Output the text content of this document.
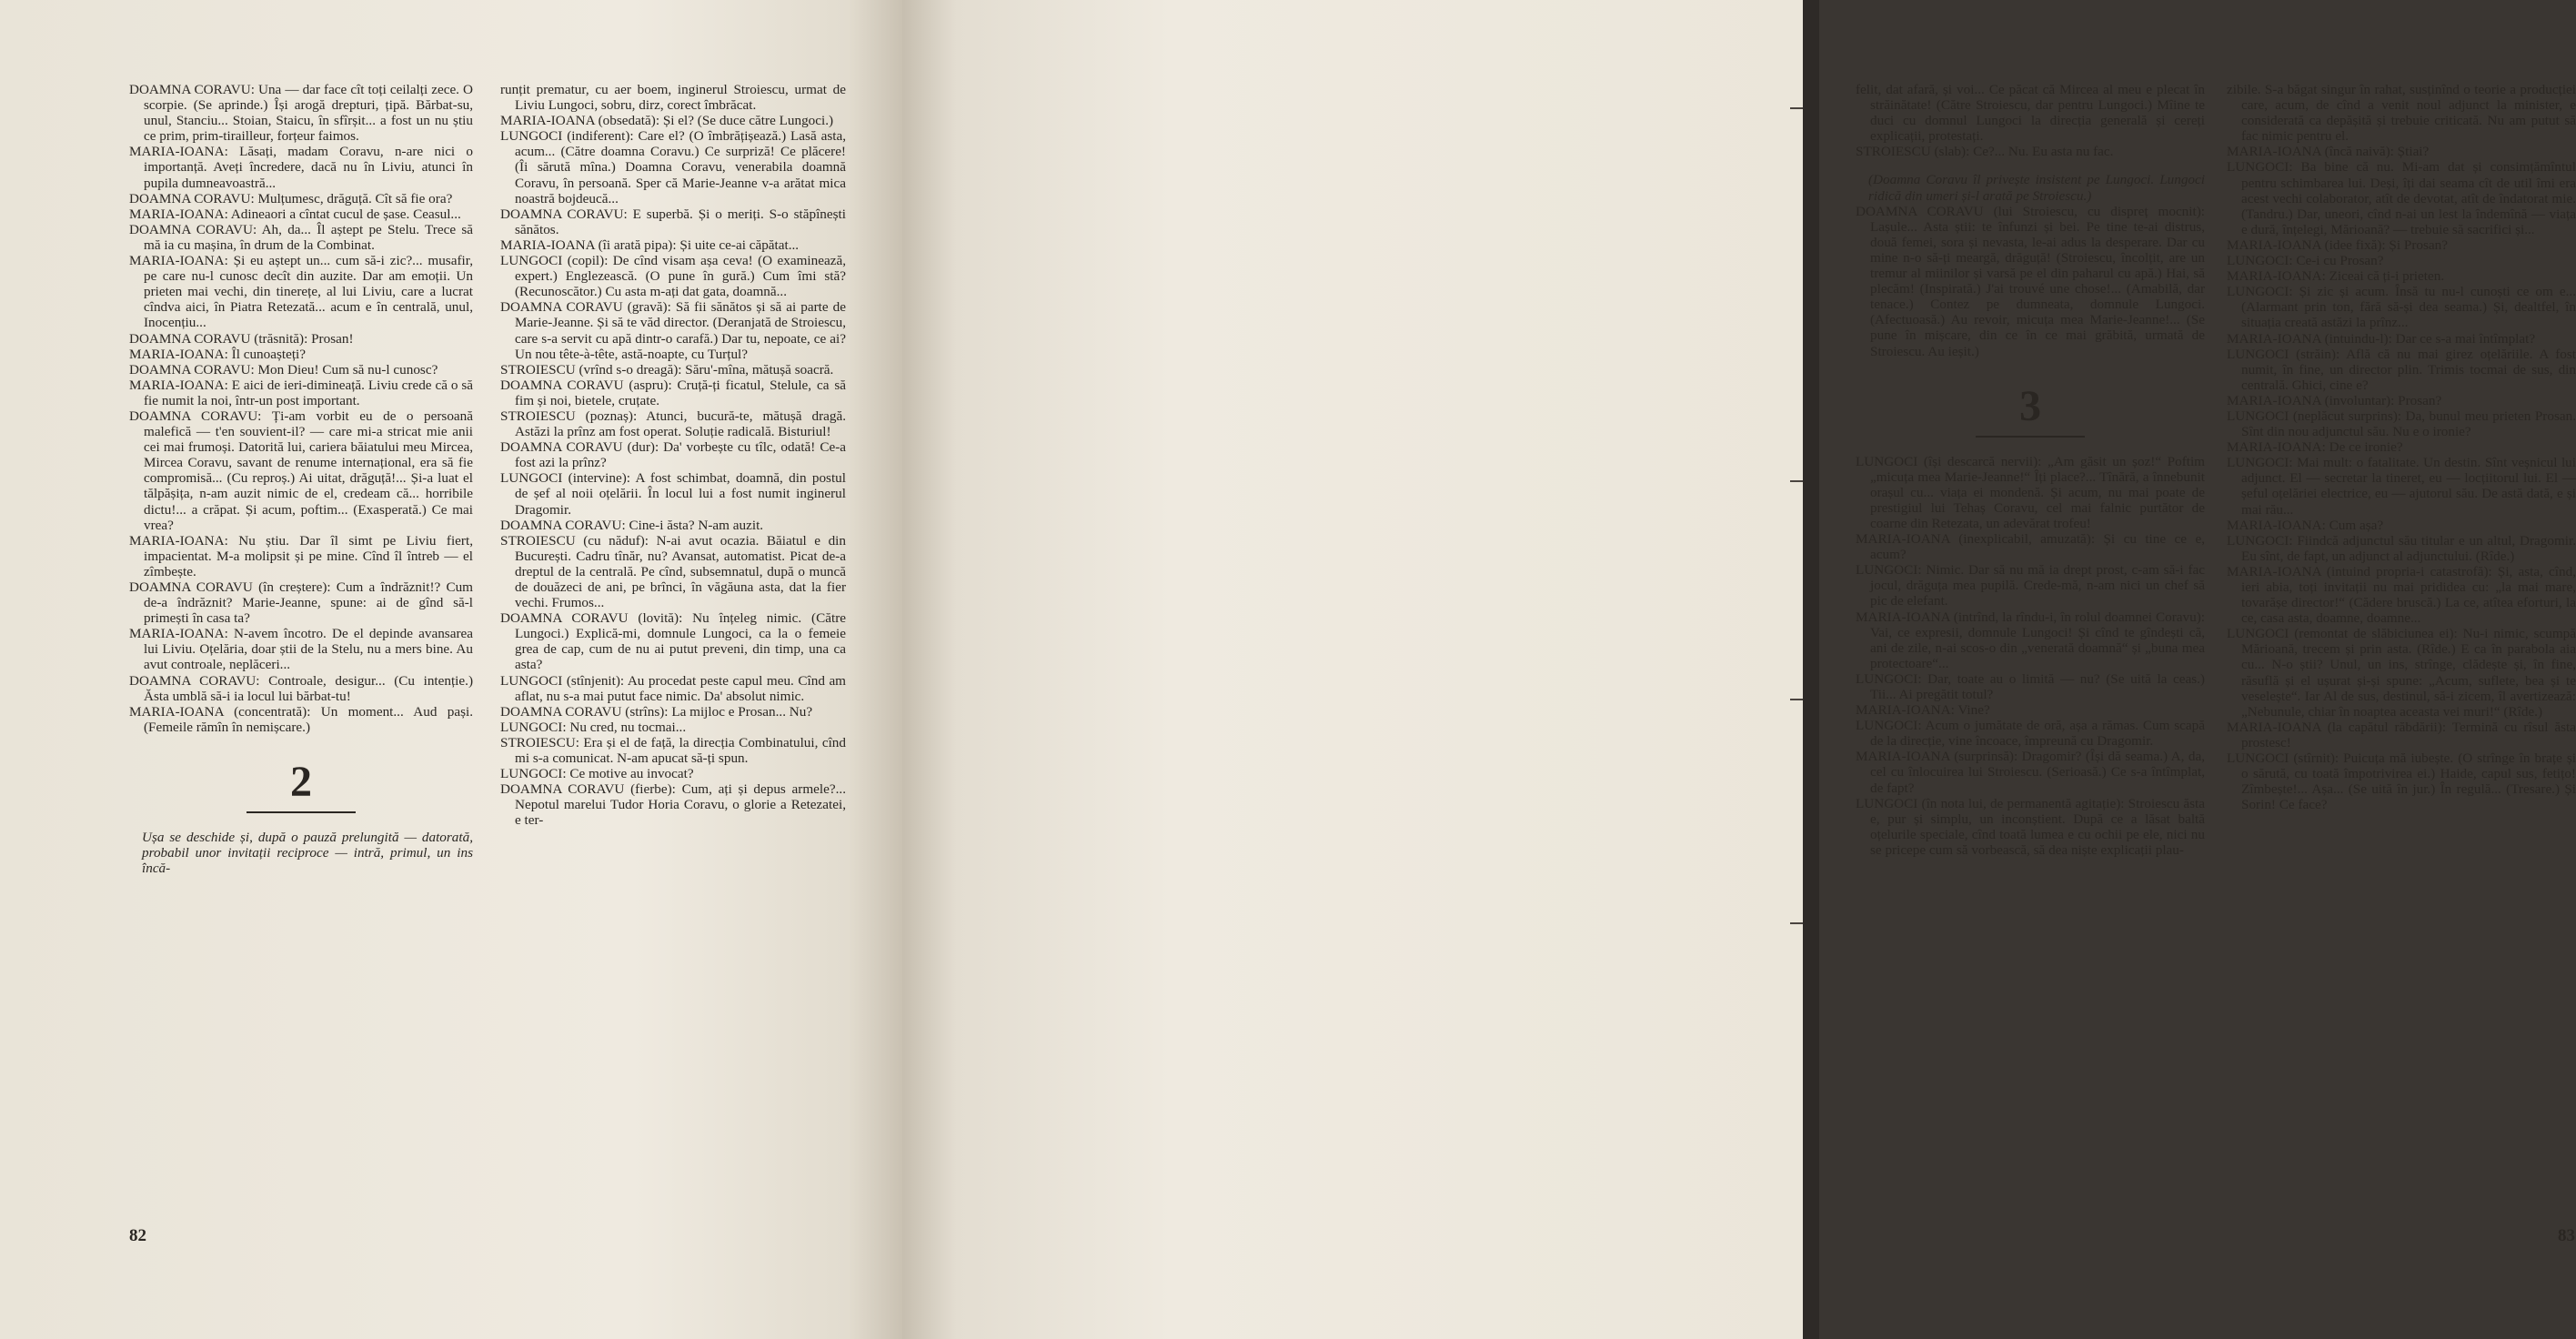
DOAMNA CORAVU: Una — dar face cît toți ceilalți zece. O scorpie. (Se aprinde.) Își arogă drepturi, țipă. Bărbat-su, unul, Stanciu... Stoian, Staicu, în sfîrșit... a fost un nu știu ce prim, prim-tirailleur, forțeur faimos.

MARIA-IOANA: Lăsați, madam Coravu, n-are nici o importanță. Aveți încredere, dacă nu în Liviu, atunci în pupila dumneavoastră...

DOAMNA CORAVU: Mulțumesc, drăguță. Cît să fie ora?

MARIA-IOANA: Adineaori a cîntat cucul de șase. Ceasul...

DOAMNA CORAVU: Ah, da... Îl aștept pe Stelu. Trece să mă ia cu mașina, în drum de la Combinat.

MARIA-IOANA: Și eu aștept un... cum să-i zic?... musafir, pe care nu-l cunosc decît din auzite. Dar am emoții. Un prieten mai vechi, din tinerețe, al lui Liviu, care a lucrat cîndva aici, în Piatra Retezată... acum e în centrală, unul, Inocențiu...

DOAMNA CORAVU (trăsnită): Prosan!

MARIA-IOANA: Îl cunoașteți?

DOAMNA CORAVU: Mon Dieu! Cum să nu-l cunosc?

MARIA-IOANA: E aici de ieri-dimineață. Liviu crede că o să fie numit la noi, într-un post important.

DOAMNA CORAVU: Ți-am vorbit eu de o persoană malefică — t'en souvient-il? — care mi-a stricat mie anii cei mai frumoși. Datorită lui, cariera băiatului meu Mircea, Mircea Coravu, savant de renume internațional, era să fie compromisă... (Cu reproș.) Ai uitat, drăguță!... Și-a luat el tălpășița, n-am auzit nimic de el, credeam că... horribile dictu!... a crăpat. Și acum, poftim... (Exasperată.) Ce mai vrea?

MARIA-IOANA: Nu știu. Dar îl simt pe Liviu fiert, impacientat. M-a molipsit și pe mine. Cînd îl întreb — el zîmbește.

DOAMNA CORAVU (în creștere): Cum a îndrăznit!? Cum de-a îndrăznit? Marie-Jeanne, spune: ai de gînd să-l primești în casa ta?

MARIA-IOANA: N-avem încotro. De el depinde avansarea lui Liviu. Oțelăria, doar știi de la Stelu, nu a mers bine. Au avut controale, neplăceri...

DOAMNA CORAVU: Controale, desigur... (Cu intenție.) Ăsta umblă să-i ia locul lui bărbat-tu!

MARIA-IOANA (concentrată): Un moment... Aud pași. (Femeile rămîn în nemișcare.)

2

Ușa se deschide și, după o pauză prelungită — datorată, probabil unor invitații reciproce — intră, primul, un ins încă-

runțit prematur, cu aer boem, inginerul Stroiescu, urmat de Liviu Lungoci, sobru, dirz, corect îmbrăcat.

MARIA-IOANA (obsedată): Și el? (Se duce către Lungoci.)

LUNGOCI (indiferent): Care el? (O îmbrățișează.) Lasă asta, acum... (Către doamna Coravu.) Ce surpriză! Ce plăcere! (Îi sărută mîna.) Doamna Coravu, venerabila doamnă Coravu, în persoană. Sper că Marie-Jeanne v-a arătat mica noastră bojdeucă...

DOAMNA CORAVU: E superbă. Și o meriți. S-o stăpînești sănătos.

MARIA-IOANA (îi arată pipa): Și uite ce-ai căpătat...

LUNGOCI (copil): De cînd visam așa ceva! (O examinează, expert.) Englezească. (O pune în gură.) Cum îmi stă? (Recunoscător.) Cu asta m-ați dat gata, doamnă...

DOAMNA CORAVU (gravă): Să fii sănătos și să ai parte de Marie-Jeanne. Și să te văd director. (Deranjată de Stroiescu, care s-a servit cu apă dintr-o carafă.) Dar tu, nepoate, ce ai? Un nou tête-à-tête, astă-noapte, cu Turțul?

STROIESCU (vrînd s-o dreagă): Săru'-mîna, mătușă soacră.

DOAMNA CORAVU (aspru): Cruță-ți ficatul, Stelule, ca să fim și noi, bietele, cruțate.

STROIESCU (poznaș): Atunci, bucură-te, mătușă dragă. Astăzi la prînz am fost operat. Soluție radicală. Bisturiul!

DOAMNA CORAVU (dur): Da' vorbește cu tîlc, odată! Ce-a fost azi la prînz?

LUNGOCI (intervine): A fost schimbat, doamnă, din postul de șef al noii oțelării. În locul lui a fost numit inginerul Dragomir.

DOAMNA CORAVU: Cine-i ăsta? N-am auzit.

STROIESCU (cu năduf): N-ai avut ocazia. Băiatul e din București. Cadru tînăr, nu? Avansat, automatist. Picat de-a dreptul de la centrală. Pe cînd, subsemnatul, după o muncă de douăzeci de ani, pe brînci, în văgăuna asta, dat la fier vechi. Frumos...

DOAMNA CORAVU (lovită): Nu înțeleg nimic. (Către Lungoci.) Explică-mi, domnule Lungoci, ca la o femeie grea de cap, cum de nu ai putut preveni, din timp, una ca asta?

LUNGOCI (stînjenit): Au procedat peste capul meu. Cînd am aflat, nu s-a mai putut face nimic. Da' absolut nimic.

DOAMNA CORAVU (strîns): La mijloc e Prosan... Nu?

LUNGOCI: Nu cred, nu tocmai...

STROIESCU: Era și el de față, la direcția Combinatului, cînd mi s-a comunicat. N-am apucat să-ți spun.

LUNGOCI: Ce motive au invocat?

DOAMNA CORAVU (fierbe): Cum, ați și depus armele?... Nepotul marelui Tudor Horia Coravu, o glorie a Retezatei, e ter-

82

felit, dat afară, și voi... Ce păcat că Mircea al meu e plecat în străinătate! (Către Stroiescu, dar pentru Lungoci.) Mîine te duci cu domnul Lungoci la direcția generală și cereți explicații, protestați.

STROIESCU (slab): Ce?... Nu. Eu asta nu fac.

(Doamna Coravu îl privește insistent pe Lungoci. Lungoci ridică din umeri și-l arată pe Stroiescu.)

DOAMNA CORAVU (lui Stroiescu, cu dispreț mocnit): Lașule... Asta știi: te înfunzi și bei. Pe tine te-ai distrus, două femei, sora și nevasta, le-ai adus la desperare. Dar cu mine n-o să-ți meargă, drăguță! (Stroiescu, încolțit, are un tremur al miinilor și varsă pe el din paharul cu apă.) Hai, să plecăm! (Inspirată.) J'ai trouvé une chose!... (Amabilă, dar tenace.) Contez pe dumneata, domnule Lungoci. (Afectuoasă.) Au revoir, micuța mea Marie-Jeanne!... (Se pune în mișcare, din ce în ce mai grăbită, urmată de Stroiescu. Au ieșit.)

3

LUNGOCI (își descarcă nervii): „Am găsit un șoz!“ Poftim „micuța mea Marie-Jeanne!“ Îți place?... Tînără, a înnebunit orașul cu... viața ei mondenă. Și acum, nu mai poate de prestigiul lui Tehaș Coravu, cel mai falnic purtător de coarne din Retezata, un adevărat trofeu!

MARIA-IOANA (inexplicabil, amuzată): Și cu tine ce e, acum?

LUNGOCI: Nimic. Dar să nu mă ia drept prost, c-am să-i fac jocul, drăguța mea pupilă. Crede-mă, n-am nici un chef să pic de elefant.

MARIA-IOANA (intrînd, la rîndu-i, în rolul doamnei Coravu): Vai, ce expresii, domnule Lungoci! Și cînd te gîndești că, ani de zile, n-ai scos-o din „venerată doamnă“ și „buna mea protectoare“...

LUNGOCI: Dar, toate au o limită — nu? (Se uită la ceas.) Tii... Ai pregătit totul?

MARIA-IOANA: Vine?

LUNGOCI: Acum o jumătate de oră, așa a rămas. Cum scapă de la direcție, vine încoace, împreună cu Dragomir.

MARIA-IOANA (surprinsă): Dragomir? (Își dă seama.) A, da, cel cu înlocuirea lui Stroiescu. (Serioasă.) Ce s-a întîmplat, de fapt?

LUNGOCI (în nota lui, de permanentă agitație): Stroiescu ăsta e, pur și simplu, un inconștient. După ce a lăsat baltă oțelurile speciale, cînd toată lumea e cu ochii pe ele, nici nu se pricepe cum să vorbească, să dea niște explicații plau-

zibile. S-a băgat singur în rahat, susținînd o teorie a producției care, acum, de cînd a venit noul adjunct la minister, e considerată ca depășită și trebuie criticată. Nu am putut să fac nimic pentru el.

MARIA-IOANA (încă naivă): Știai?

LUNGOCI: Ba bine că nu. Mi-am dat și consimțămîntul pentru schimbarea lui. Deși, îți dai seama cît de util îmi era acest vechi colaborator, atît de devotat, atît de îndatorat mie. (Tandru.) Dar, uneori, cînd n-ai un lest la îndemînă — viața e dură, înțelegi, Mărioană? — trebuie să sacrifici și...

MARIA-IOANA (idee fixă): Și Prosan?

LUNGOCI: Ce-i cu Prosan?

MARIA-IOANA: Ziceai că ți-i prieten.

LUNGOCI: Și zic și acum. Însă tu nu-l cunoști ce om e... (Alarmant prin ton, fără să-și dea seama.) Și, dealtfel, în situația creată astăzi la prînz...

MARIA-IOANA (intuindu-l): Dar ce s-a mai întîmplat?

LUNGOCI (străin): Află că nu mai girez oțelăriile. A fost numit, în fine, un director plin. Trimis tocmai de sus, din centrală. Ghici, cine e?

MARIA-IOANA (involuntar): Prosan?

LUNGOCI (neplăcut surprins): Da, bunul meu prieten Prosan. Sînt din nou adjunctul său. Nu e o ironie?

MARIA-IOANA: De ce ironie?

LUNGOCI: Mai mult: o fatalitate. Un destin. Sînt veșnicul lui adjunct. El — secretar la tineret, eu — locțiitorul lui. El — șeful oțelăriei electrice, eu — ajutorul său. De astă dată, e și mai rău...

MARIA-IOANA: Cum așa?

LUNGOCI: Fiindcă adjunctul său titular e un altul, Dragomir. Eu sînt, de fapt, un adjunct al adjunctului. (Rîde.)

MARIA-IOANA (intuind propria-i catastrofă): Și, asta, cînd, ieri abia, toți invitații nu mai prididea cu: „la mai mare, tovarășe director!“ (Cădere bruscă.) La ce, atîtea eforturi, la ce, casa asta, doamne, doamne...

LUNGOCI (remontat de slăbiciunea ei): Nu-i nimic, scumpă Mărioană, trecem și prin asta. (Rîde.) E ca în parabola aia cu... N-o știi? Unul, un ins, strînge, clădește și, în fine, răsuflă și el ușurat și-și spune: „Acum, suflete, bea și te veselește“. Iar Al de sus, destinul, să-i zicem, îl avertizează: „Nebunule, chiar în noaptea aceasta vei muri!“ (Rîde.)

MARIA-IOANA (la capătul răbdării): Termină cu rîsul ăsta prostesc!

LUNGOCI (stîrnit): Puicuța mă iubește. (O strînge în brațe și o sărută, cu toată împotrivirea ei.) Haide, capul sus, fetițo! Zîmbește!... Așa... (Se uită în jur.) În regulă... (Tresare.) Și Sorin! Ce face?

83
